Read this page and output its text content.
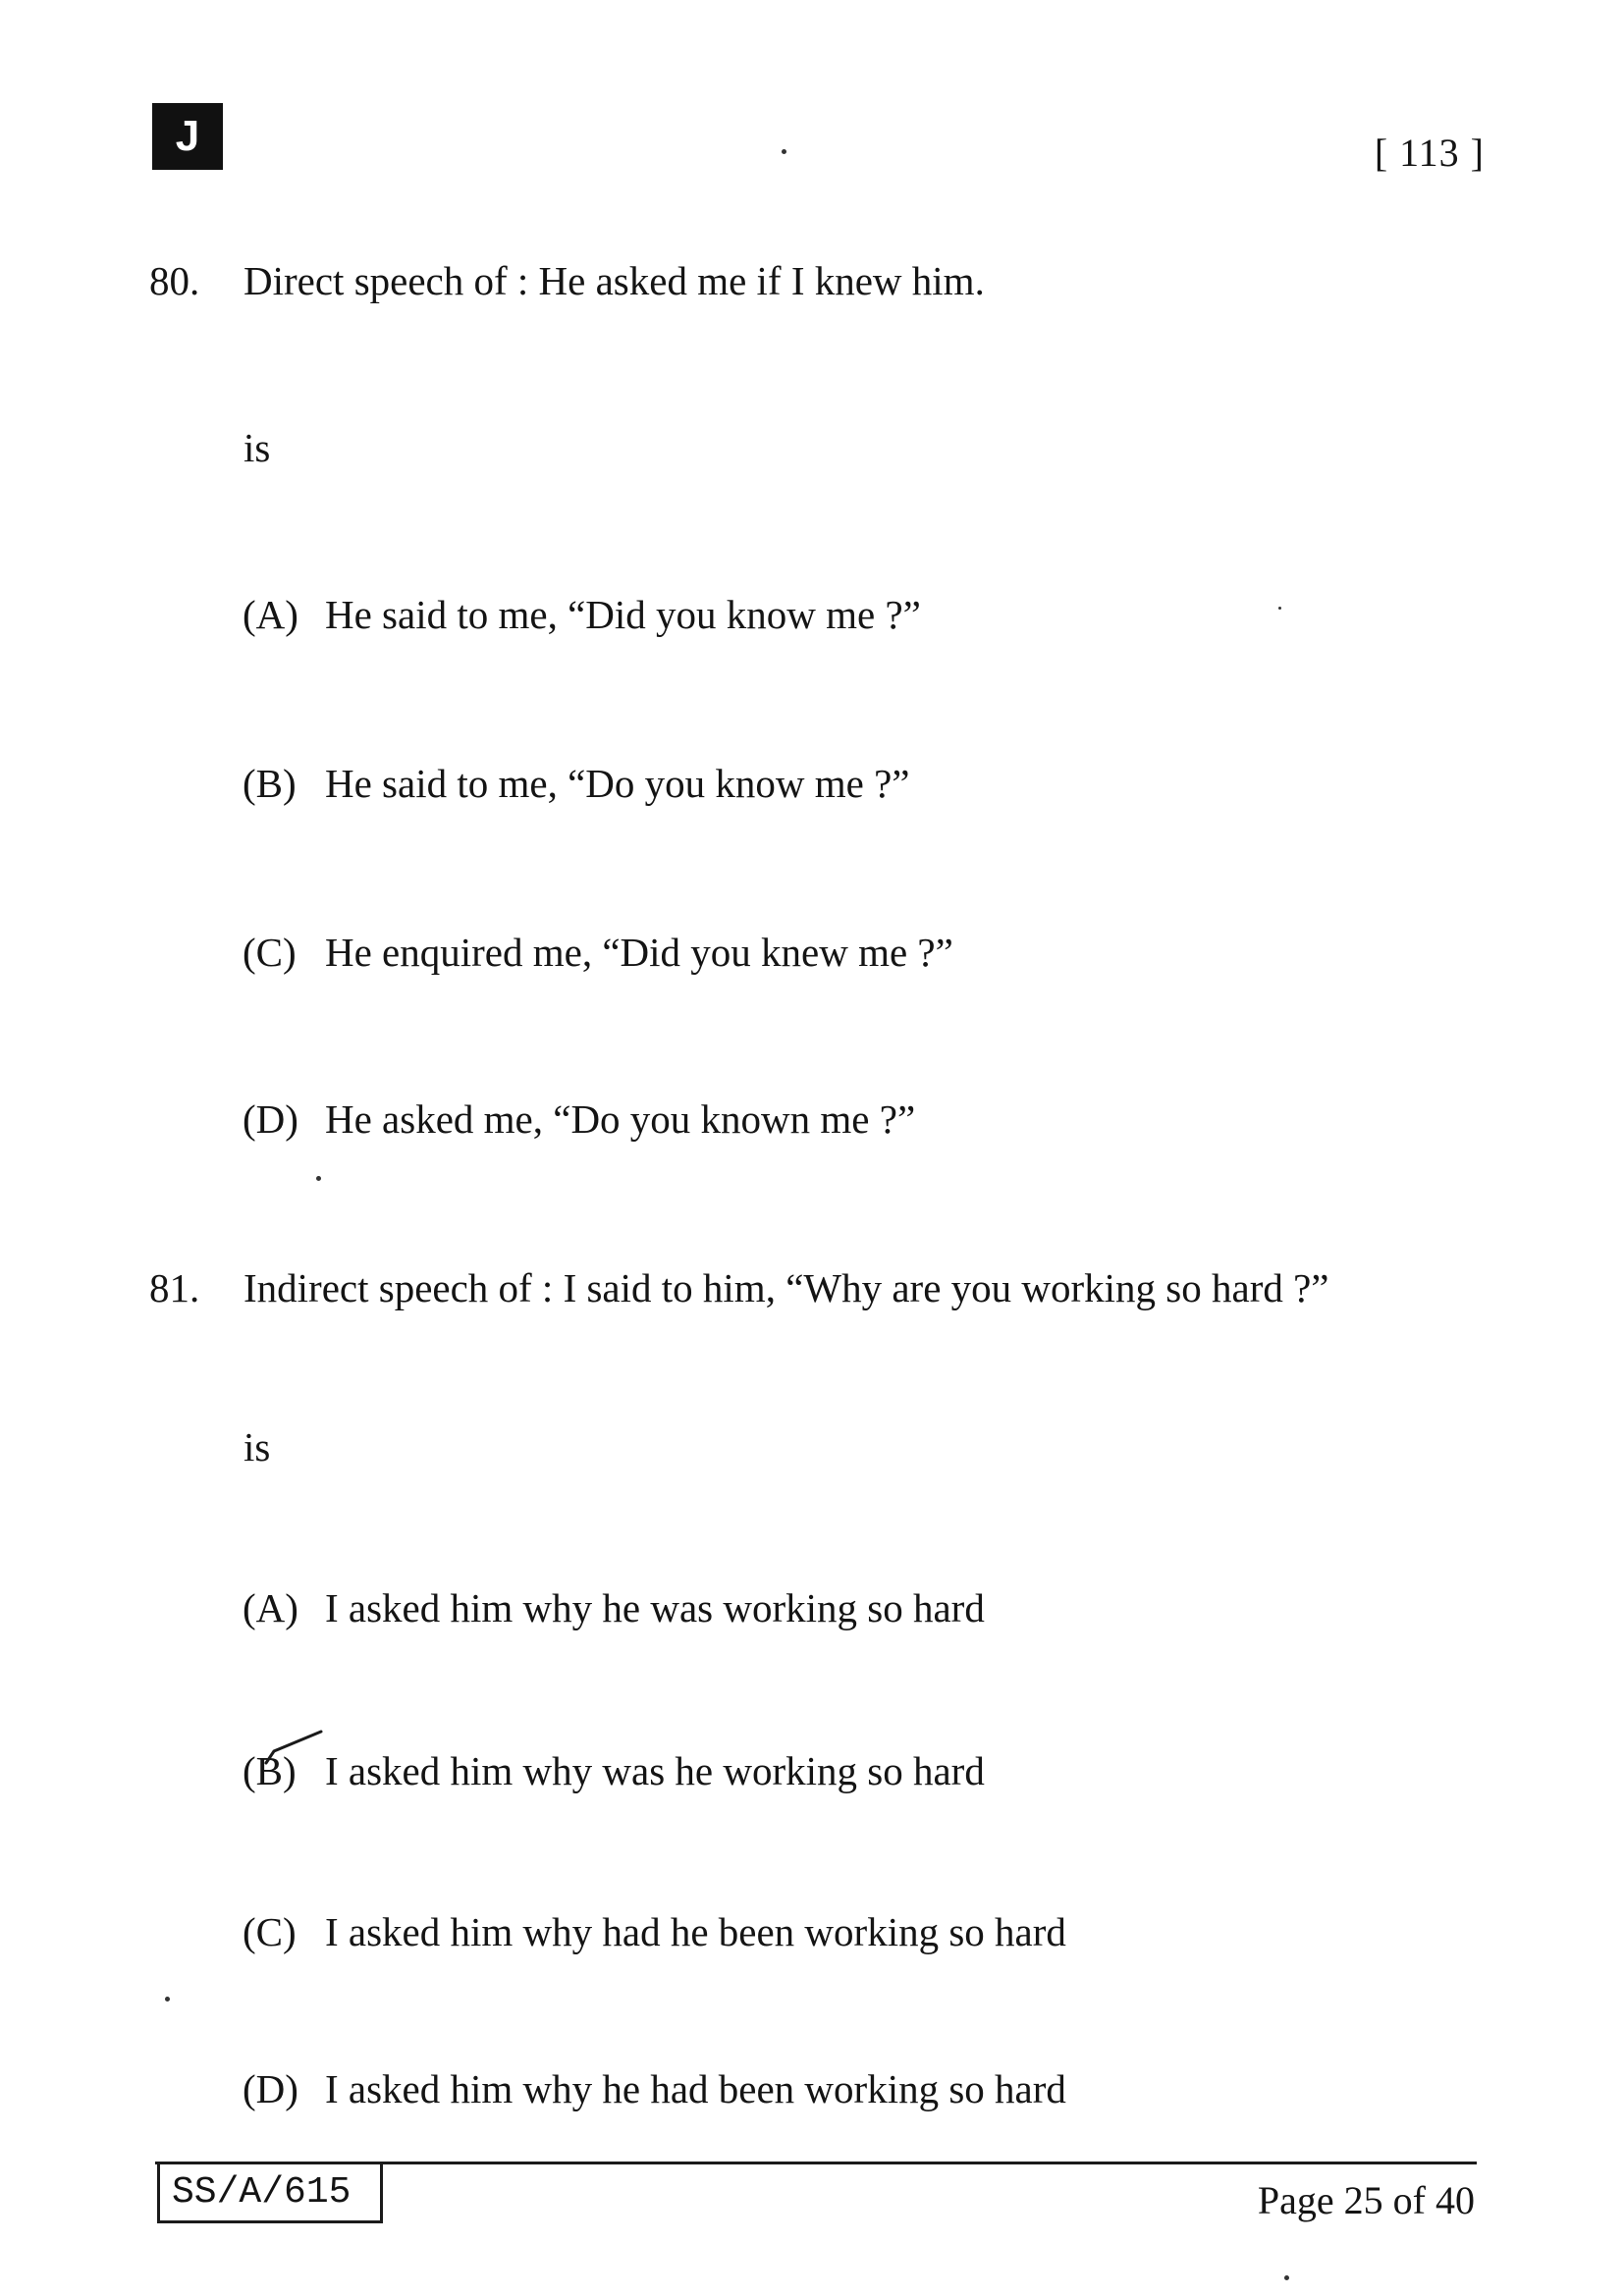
J	[ 113 ]
80. Direct speech of : He asked me if I knew him.
is
(A) He said to me, “Did you know me ?”
(B) He said to me, “Do you know me ?”
(C) He enquired me, “Did you knew me ?”
(D) He asked me, “Do you known me ?”
81. Indirect speech of : I said to him, “Why are you working so hard ?”
is
(A) I asked him why he was working so hard
(B) I asked him why was he working so hard
(C) I asked him why had he been working so hard
(D) I asked him why he had been working so hard
SS/A/615	Page 25 of 40
